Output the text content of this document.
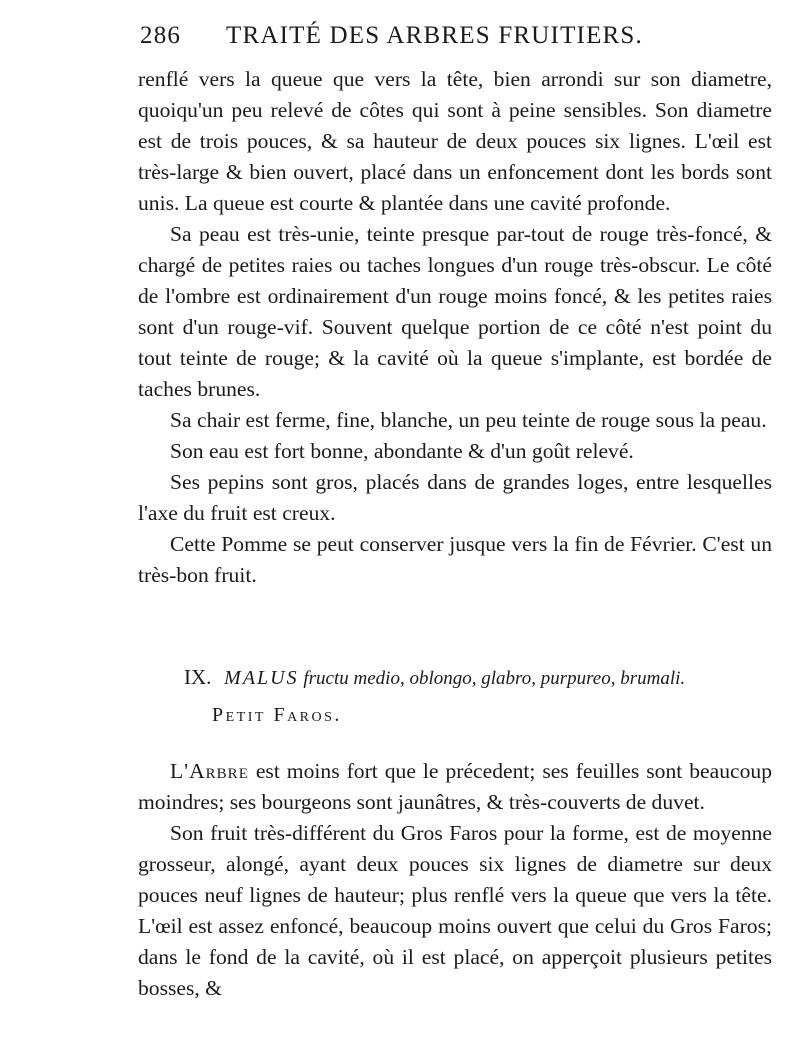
286 TRAITÉ DES ARBRES FRUITIERS.

renflé vers la queue que vers la tête, bien arrondi sur son diametre, quoiqu'un peu relevé de côtes qui sont à peine sensibles. Son diametre est de trois pouces, & sa hauteur de deux pouces six lignes. L'œil est très-large & bien ouvert, placé dans un enfoncement dont les bords sont unis. La queue est courte & plantée dans une cavité profonde.

Sa peau est très-unie, teinte presque par-tout de rouge très-foncé, & chargé de petites raies ou taches longues d'un rouge très-obscur. Le côté de l'ombre est ordinairement d'un rouge moins foncé, & les petites raies sont d'un rouge-vif. Souvent quelque portion de ce côté n'est point du tout teinte de rouge; & la cavité où la queue s'implante, est bordée de taches brunes.

Sa chair est ferme, fine, blanche, un peu teinte de rouge sous la peau.

Son eau est fort bonne, abondante & d'un goût relevé.

Ses pepins sont gros, placés dans de grandes loges, entre lesquelles l'axe du fruit est creux.

Cette Pomme se peut conserver jusque vers la fin de Février. C'est un très-bon fruit.

IX. MALUS fructu medio, oblongo, glabro, purpureo, brumali.
Petit Faros.

L'Arbre est moins fort que le précedent; ses feuilles sont beaucoup moindres; ses bourgeons sont jaunâtres, & très-couverts de duvet.

Son fruit très-différent du Gros Faros pour la forme, est de moyenne grosseur, alongé, ayant deux pouces six lignes de diametre sur deux pouces neuf lignes de hauteur; plus renflé vers la queue que vers la tête. L'œil est assez enfoncé, beaucoup moins ouvert que celui du Gros Faros; dans le fond de la cavité, où il est placé, on apperçoit plusieurs petites bosses, &
